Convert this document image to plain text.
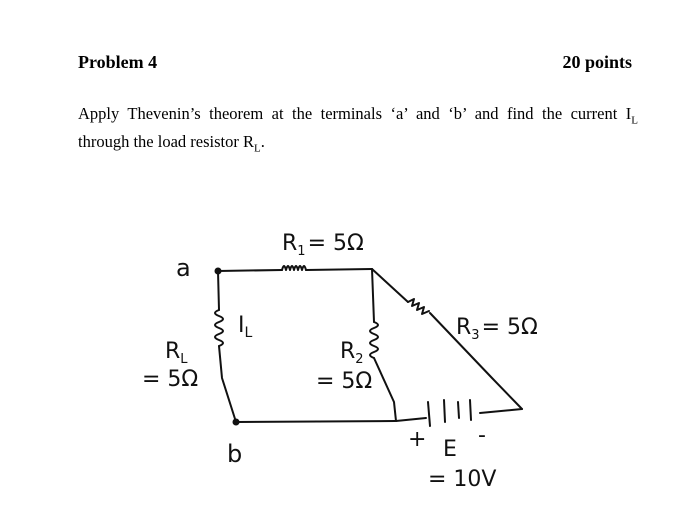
Problem 4	20 points
Apply Thevenin’s theorem at the terminals ‘a’ and ‘b’ and find the current $I_L$
through the load resistor $R_L$.
a
b
$R_1= 5\Omega$
$R_L$
= 5Ω
$I_L$
$R_2$
= 5Ω
$R_3= 5\Omega$
+ -
E
= 10V
